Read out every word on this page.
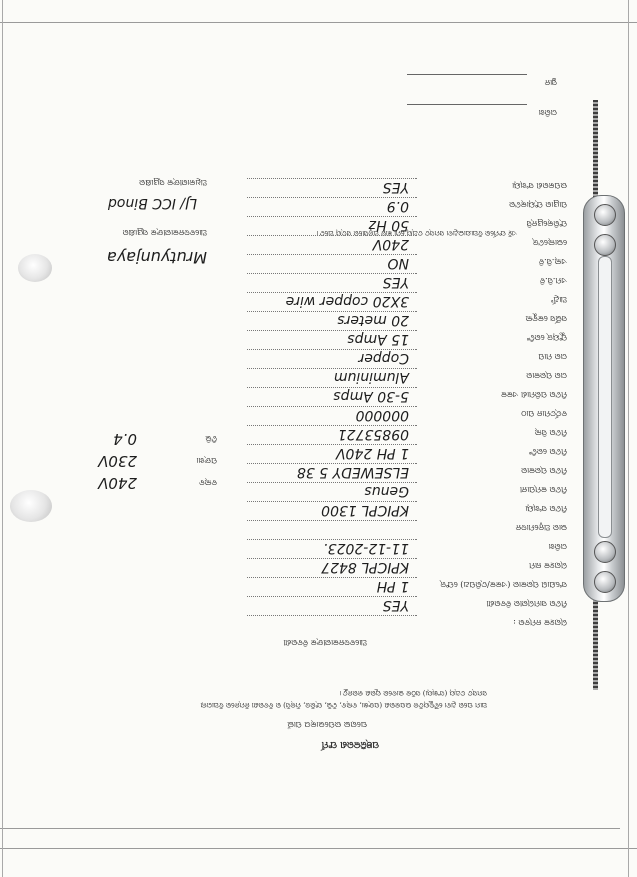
ପଞ୍ଜିକରଣ ଫର୍ମ
ଘରୋଇ ଉପଭୋକ୍ତା ପାଇଁ
ଆମ ଘରେ ଥିବା ବୈଦ୍ୟୁତିକ ଉପକରଣ (ପଙ୍ଖା, ବଲ୍ବ, ଟିଭି, ଫ୍ରିଜ, ମିକ୍ସି) ର ବିବରଣୀ ନିମ୍ନରେ ଦିଆଗଲା
ସମସ୍ତ ତଥ୍ୟ (ସଂଖ୍ୟା) ସଠିକ ଭାବରେ ପୂରଣ କରନ୍ତୁ।
ଆବେଦନକାରୀଙ୍କ ବିବରଣୀ
ଏହି ଫର୍ମରେ ଦିଆଯାଇଥିବା ସମସ୍ତ ତଥ୍ୟ ମୋ ଜ୍ଞାନ ଅନୁସାରେ ସତ୍ୟ ଅଟେ।
ଗ୍ରାହକ ନମ୍ବର :
ମିଟର ସାମଗ୍ରୀର ବିବରଣୀ
YES
ସଂଯୋଗ ପ୍ରକାର (ଏକକ/ତ୍ରିପଥ) ଫେଜ୍
1 PH
ଗ୍ରାହକ ନାମ
KPICPL 8427
ତାରିଖ
11-12-2023.
ଭାର ଅନୁମୋଦନ
ମିଟର ସଂଖ୍ୟା
KPICPL 1300
ମିଟର କମ୍ପାନୀ
Genus
ମିଟର ପ୍ରକାର
ELSEWEDY 5 38
ମିଟର ରେଟିଂ
1 PH 240V
ମିଟର ସିଲ୍
09853721
ବର୍ତ୍ତମାନ ପାଠ
000000
ମିଟର ପରିମାଣ ଏକକ
5-30 Amps
ତାର ପ୍ରକାର
Aluminium
ତାର ମାପ
Copper
ଫ୍ୟୁଜ୍ ରେଟିଂ
15 Amps
ସର୍ଭିସ କେବୁଲ
20 meters
ଆର୍ଥିଂ
3X20 copper wire
ଏମ.ସି.ବି
YES
ଏଲ୍.ସି.ବି
NO
ଭୋଲ୍ଟେଜ୍
240V
ଫ୍ରିକ୍ୱେନ୍ସି
50 Hz
ପାୱାର ଫ୍ୟାକ୍ଟର
0.9
ଉପକରଣ ସଂଖ୍ୟା
YES
ବଲ୍ବ
240V
ପଙ୍ଖା
230V
ଟିଭି
0.4
ଆବେଦନକାରୀଙ୍କ ସ୍ୱାକ୍ଷର
Mrutyunjaya
ଅଧିକାରୀଙ୍କ ସ୍ୱାକ୍ଷର
LJ/ ICC Binod
ତାରିଖ
ସ୍ଥାନ
